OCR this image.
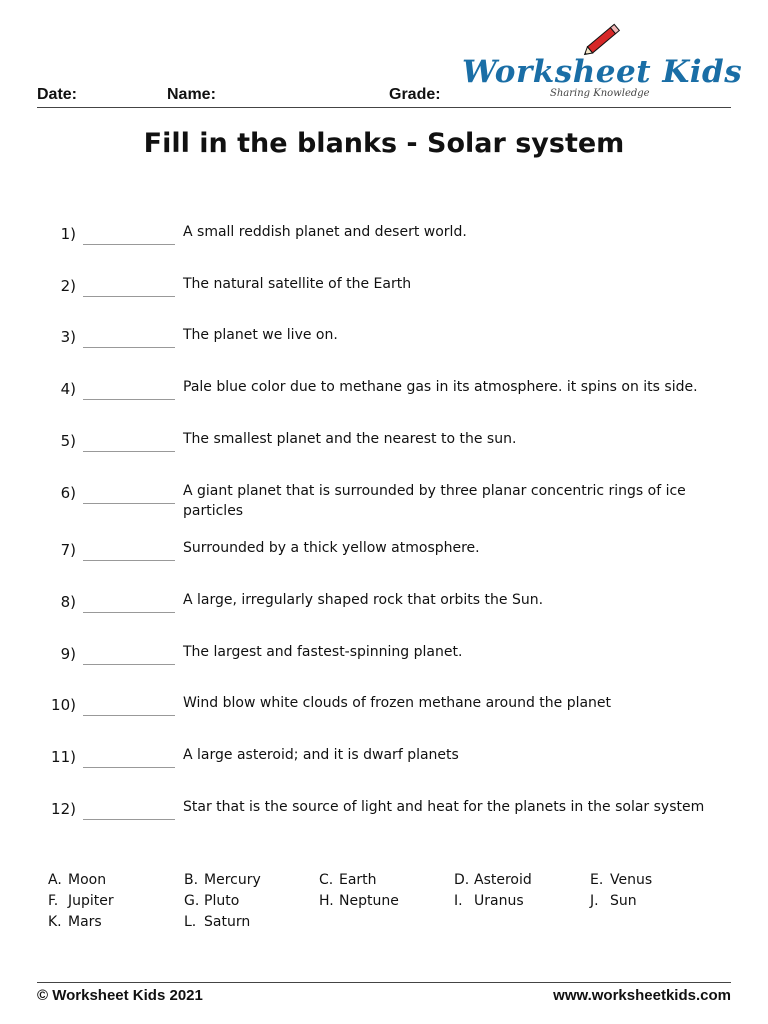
Date:	Name:	Grade:
Worksheet Kids
Sharing Knowledge
Fill in the blanks - Solar system
1)	A small reddish planet and desert world.
2)	The natural satellite of the Earth
3)	The planet we live on.
4)	Pale blue color due to methane gas in its atmosphere. it spins on its side.
5)	The smallest planet and the nearest to the sun.
6)	A giant planet that is surrounded by three planar concentric rings of ice particles
7)	Surrounded by a thick yellow atmosphere.
8)	A large, irregularly shaped rock that orbits the Sun.
9)	The largest and fastest-spinning planet.
10)	Wind blow white clouds of frozen methane around the planet
11)	A large asteroid; and it is dwarf planets
12)	Star that is the source of light and heat for the planets in the solar system
A. Moon	B. Mercury	C. Earth	D. Asteroid	E. Venus
F. Jupiter	G. Pluto	H. Neptune	I. Uranus	J. Sun
K. Mars	L. Saturn
© Worksheet Kids 2021	www.worksheetkids.com
